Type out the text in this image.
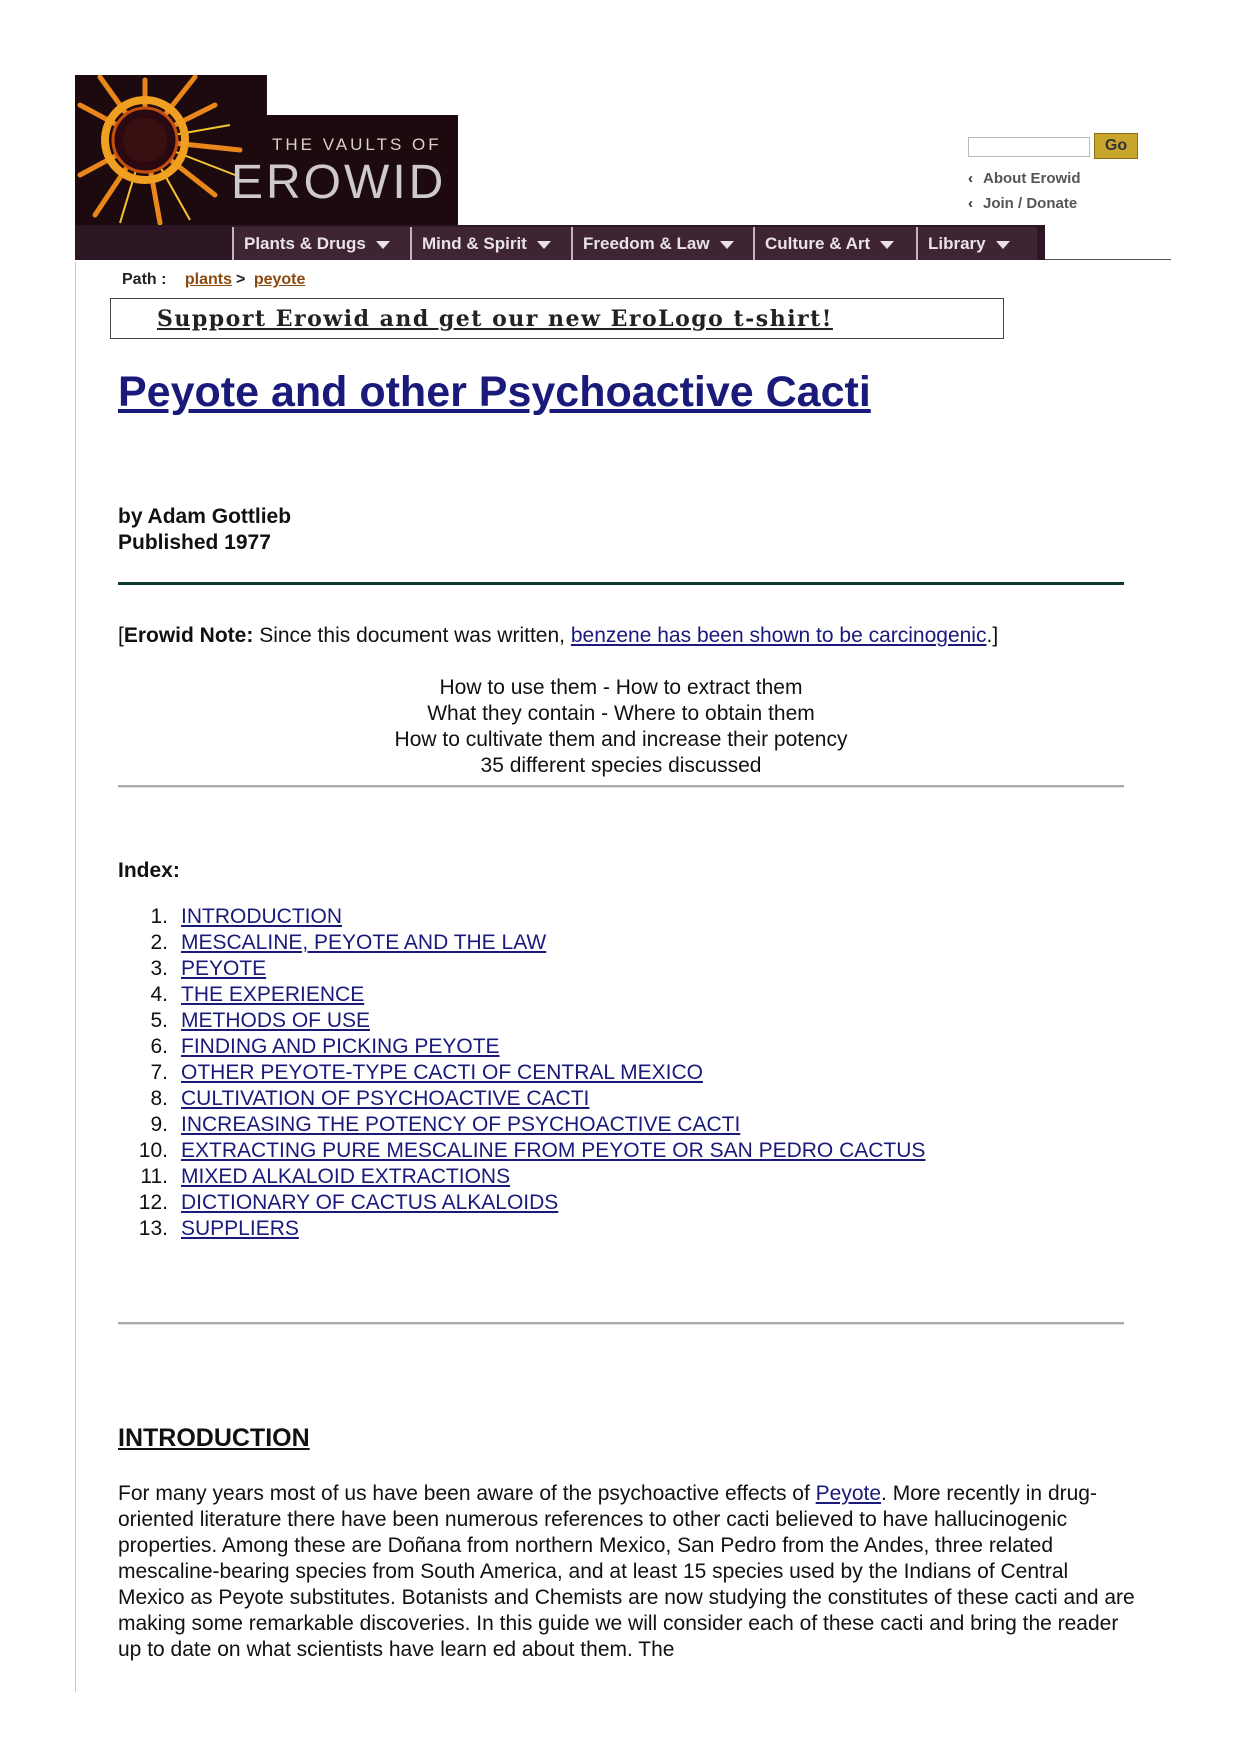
THE VAULTS OF
EROWID
Go
‹ About Erowid
‹ Join / Donate
Plants & Drugs	Mind & Spirit	Freedom & Law	Culture & Art	Library
Path : plants > peyote
Support Erowid and get our new EroLogo t-shirt!
Peyote and other Psychoactive Cacti
by Adam Gottlieb
Published 1977
[Erowid Note: Since this document was written, benzene has been shown to be carcinogenic.]
How to use them - How to extract them
What they contain - Where to obtain them
How to cultivate them and increase their potency
35 different species discussed
Index:
1. INTRODUCTION
2. MESCALINE, PEYOTE AND THE LAW
3. PEYOTE
4. THE EXPERIENCE
5. METHODS OF USE
6. FINDING AND PICKING PEYOTE
7. OTHER PEYOTE-TYPE CACTI OF CENTRAL MEXICO
8. CULTIVATION OF PSYCHOACTIVE CACTI
9. INCREASING THE POTENCY OF PSYCHOACTIVE CACTI
10. EXTRACTING PURE MESCALINE FROM PEYOTE OR SAN PEDRO CACTUS
11. MIXED ALKALOID EXTRACTIONS
12. DICTIONARY OF CACTUS ALKALOIDS
13. SUPPLIERS
INTRODUCTION

For many years most of us have been aware of the psychoactive effects of Peyote. More recently in drug-oriented literature there have been numerous references to other cacti believed to have hallucinogenic properties. Among these are Doñana from northern Mexico, San Pedro from the Andes, three related mescaline-bearing species from South America, and at least 15 species used by the Indians of Central Mexico as Peyote substitutes. Botanists and Chemists are now studying the constitutes of these cacti and are making some remarkable discoveries. In this guide we will consider each of these cacti and bring the reader up to date on what scientists have learn ed about them. The
